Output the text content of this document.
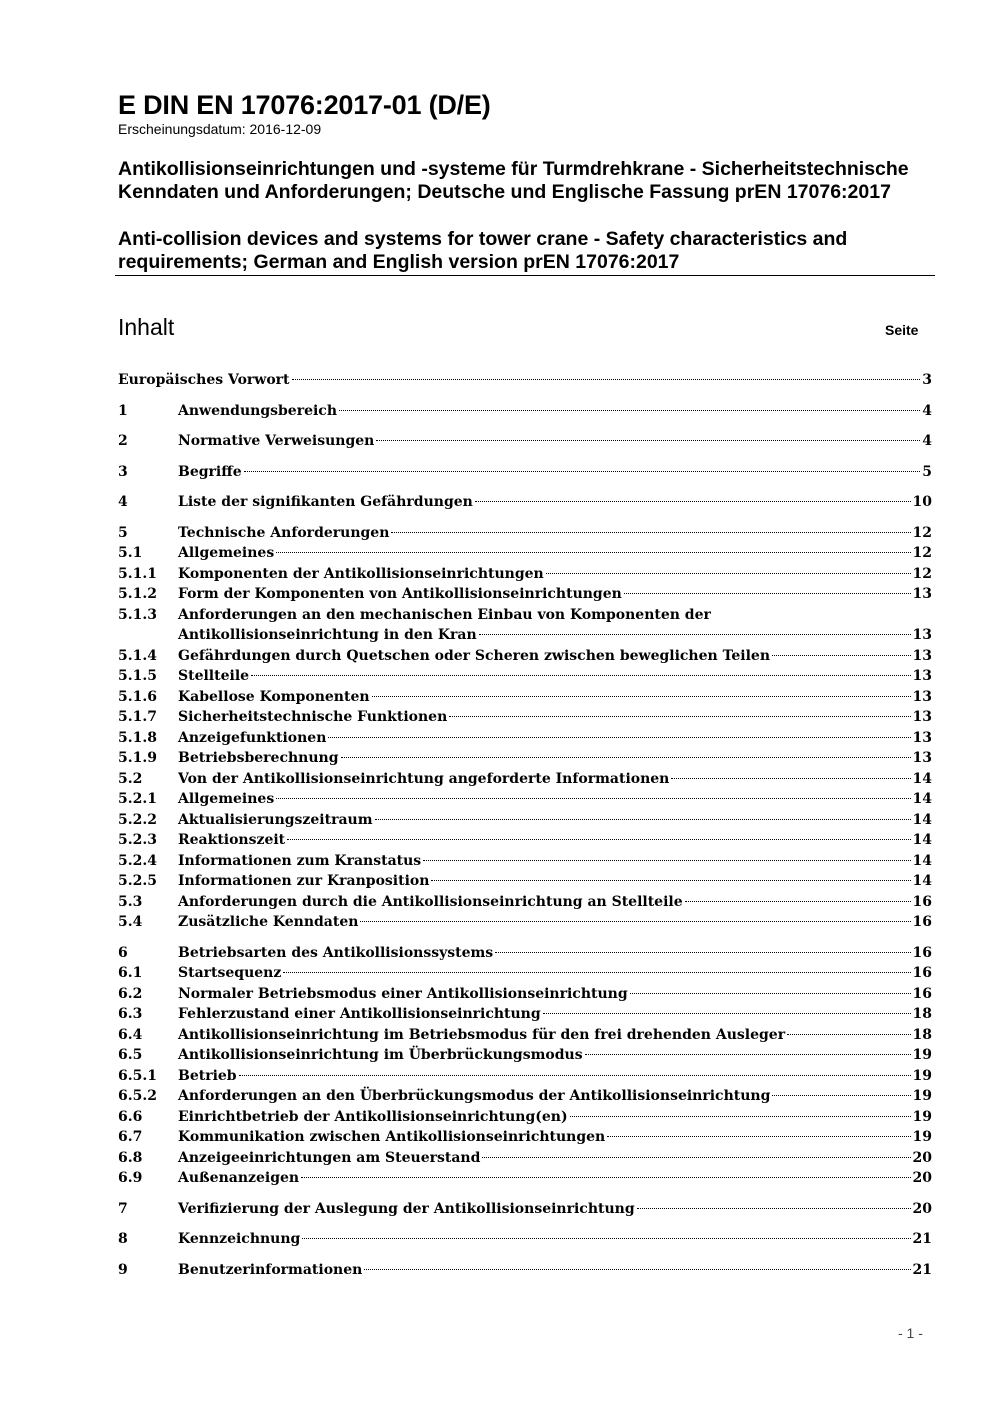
E DIN EN 17076:2017-01 (D/E)
Erscheinungsdatum: 2016-12-09
Antikollisionseinrichtungen und -systeme für Turmdrehkrane - Sicherheitstechnische
Kenndaten und Anforderungen; Deutsche und Englische Fassung prEN 17076:2017
Anti-collision devices and systems for tower crane - Safety characteristics and
requirements; German and English version prEN 17076:2017
Inhalt	Seite
Europäisches Vorwort	3
1	Anwendungsbereich	4
2	Normative Verweisungen	4
3	Begriffe	5
4	Liste der signifikanten Gefährdungen	10
5	Technische Anforderungen	12
5.1	Allgemeines	12
5.1.1	Komponenten der Antikollisionseinrichtungen	12
5.1.2	Form der Komponenten von Antikollisionseinrichtungen	13
5.1.3	Anforderungen an den mechanischen Einbau von Komponenten der
Antikollisionseinrichtung in den Kran	13
5.1.4	Gefährdungen durch Quetschen oder Scheren zwischen beweglichen Teilen	13
5.1.5	Stellteile	13
5.1.6	Kabellose Komponenten	13
5.1.7	Sicherheitstechnische Funktionen	13
5.1.8	Anzeigefunktionen	13
5.1.9	Betriebsberechnung	13
5.2	Von der Antikollisionseinrichtung angeforderte Informationen	14
5.2.1	Allgemeines	14
5.2.2	Aktualisierungszeitraum	14
5.2.3	Reaktionszeit	14
5.2.4	Informationen zum Kranstatus	14
5.2.5	Informationen zur Kranposition	14
5.3	Anforderungen durch die Antikollisionseinrichtung an Stellteile	16
5.4	Zusätzliche Kenndaten	16
6	Betriebsarten des Antikollisionssystems	16
6.1	Startsequenz	16
6.2	Normaler Betriebsmodus einer Antikollisionseinrichtung	16
6.3	Fehlerzustand einer Antikollisionseinrichtung	18
6.4	Antikollisionseinrichtung im Betriebsmodus für den frei drehenden Ausleger	18
6.5	Antikollisionseinrichtung im Überbrückungsmodus	19
6.5.1	Betrieb	19
6.5.2	Anforderungen an den Überbrückungsmodus der Antikollisionseinrichtung	19
6.6	Einrichtbetrieb der Antikollisionseinrichtung(en)	19
6.7	Kommunikation zwischen Antikollisionseinrichtungen	19
6.8	Anzeigeeinrichtungen am Steuerstand	20
6.9	Außenanzeigen	20
7	Verifizierung der Auslegung der Antikollisionseinrichtung	20
8	Kennzeichnung	21
9	Benutzerinformationen	21
- 1 -
